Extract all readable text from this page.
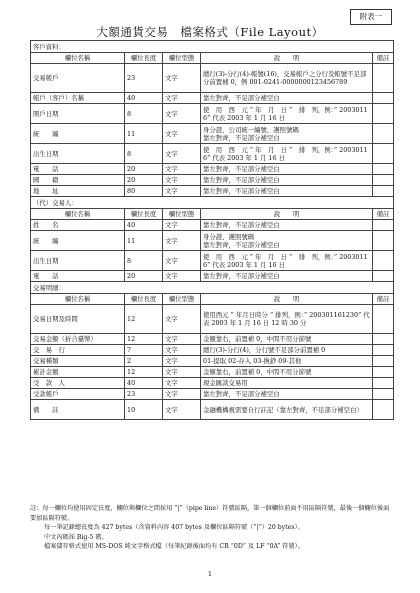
附表一
大額通貨交易　檔案格式（File Layout）
客戶資料：				
欄位名稱	欄位長度	欄位型態	說　　明	備註
交易帳戶	23	文字	總行(3)-分行(4)-帳號(16)，交易帳戶之分行及帳號不足部分前置補 0，例 001-0241-0000000123456789	
帳戶（客戶）名稱	40	文字	靠左對齊，不足部分補空白	
開戶日期	8	文字	使　用　西　元 ” 年　月　日 ”　排　列，例：” 20030116” 代表 2003 年 1 月 16 日	
統　　編	11	文字	身分證，公司統一編號，護照號碼
靠左對齊，不足部分補空白	
出生日期	8	文字	使　用　西　元 ” 年　月　日 ”　排　列，例：” 20030116” 代表 2003 年 1 月 16 日	
電　　話	20	文字	靠左對齊，不足部分補空白	
國　　籍	20	文字	靠左對齊，不足部分補空白	
地　　址	80	文字	靠左對齊，不足部分補空白	
（代）交易人：				
欄位名稱	欄位長度	欄位型態	說　　明	備註
姓　　名	40	文字	靠左對齊，不足部分補空白	
統　　編	11	文字	身分證、護照號碼
靠左對齊，不足部分補空白	
出生日期	8	文字	使　用　西　元 ” 年　月　日 ”　排　列，例：” 20030116” 代表 2003 年 1 月 16 日	
電　　話	20	文字	靠左對齊，不足部分補空白	
交易明細：				
欄位名稱	欄位長度	欄位型態	說　　明	備註
交易日期及時間	12	文字	使用西元 ” 年月日時分 ” 排列，例：” 200301161230” 代表 2003 年 1 月 16 日 12 時 30 分	
交易金額（折合臺幣）	12	文字	金額靠右，前置補 0，中間不用分節號	
交　易　行	7	文字	總行(3)-分行(4)，分行號不足部分前置補 0	
交易種類	2	文字	01-提取 02-存入 03-換鈔 09-其他	
累計金額	12	文字	金額靠右，前置補 0，中間不用分節號	
受　款　人	40	文字	現金匯款交易用	
受款帳戶	23	文字	靠左對齊，不足部分補空白	
備　　註	10	文字	金融機構視需要自行註記（靠左對齊，不足部分補空白）	

註：每一欄位均使用固定長度，欄位與欄位之間採用 “|”（pipe line）符號區隔，第一個欄位前面不用區隔符號，最後一個欄位後面要加區隔符號。

每一筆記錄總長度為 427 bytes（含資料內容 407 bytes 及欄位區隔符號（“|”）20 bytes）。

中文內碼採 Big-5 碼。

檔案儲存格式使用 MS-DOS 純文字格式檔（每筆紀錄後面均有 CR “0D” 及 LF “0A” 符號）。

1
